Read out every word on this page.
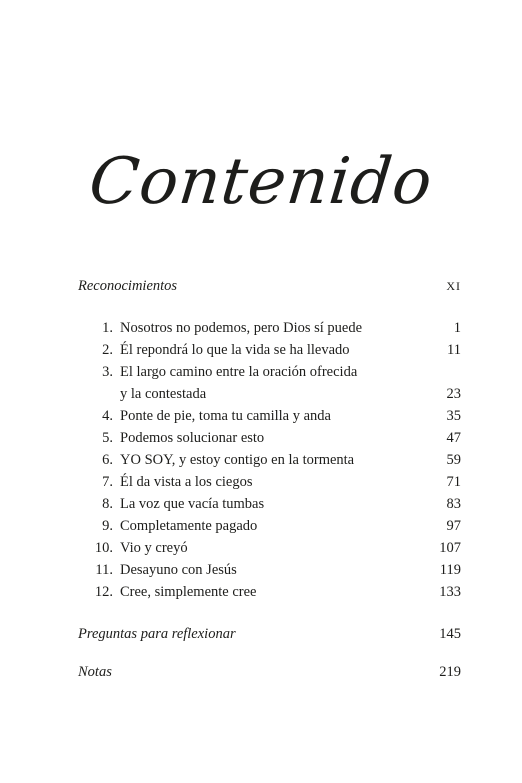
Contenido
Reconocimientos	XI
1. Nosotros no podemos, pero Dios sí puede	1
2. Él repondrá lo que la vida se ha llevado	11
3. El largo camino entre la oración ofrecida
y la contestada	23
4. Ponte de pie, toma tu camilla y anda	35
5. Podemos solucionar esto	47
6. YO SOY, y estoy contigo en la tormenta	59
7. Él da vista a los ciegos	71
8. La voz que vacía tumbas	83
9. Completamente pagado	97
10. Vio y creyó	107
11. Desayuno con Jesús	119
12. Cree, simplemente cree	133
Preguntas para reflexionar	145
Notas	219
